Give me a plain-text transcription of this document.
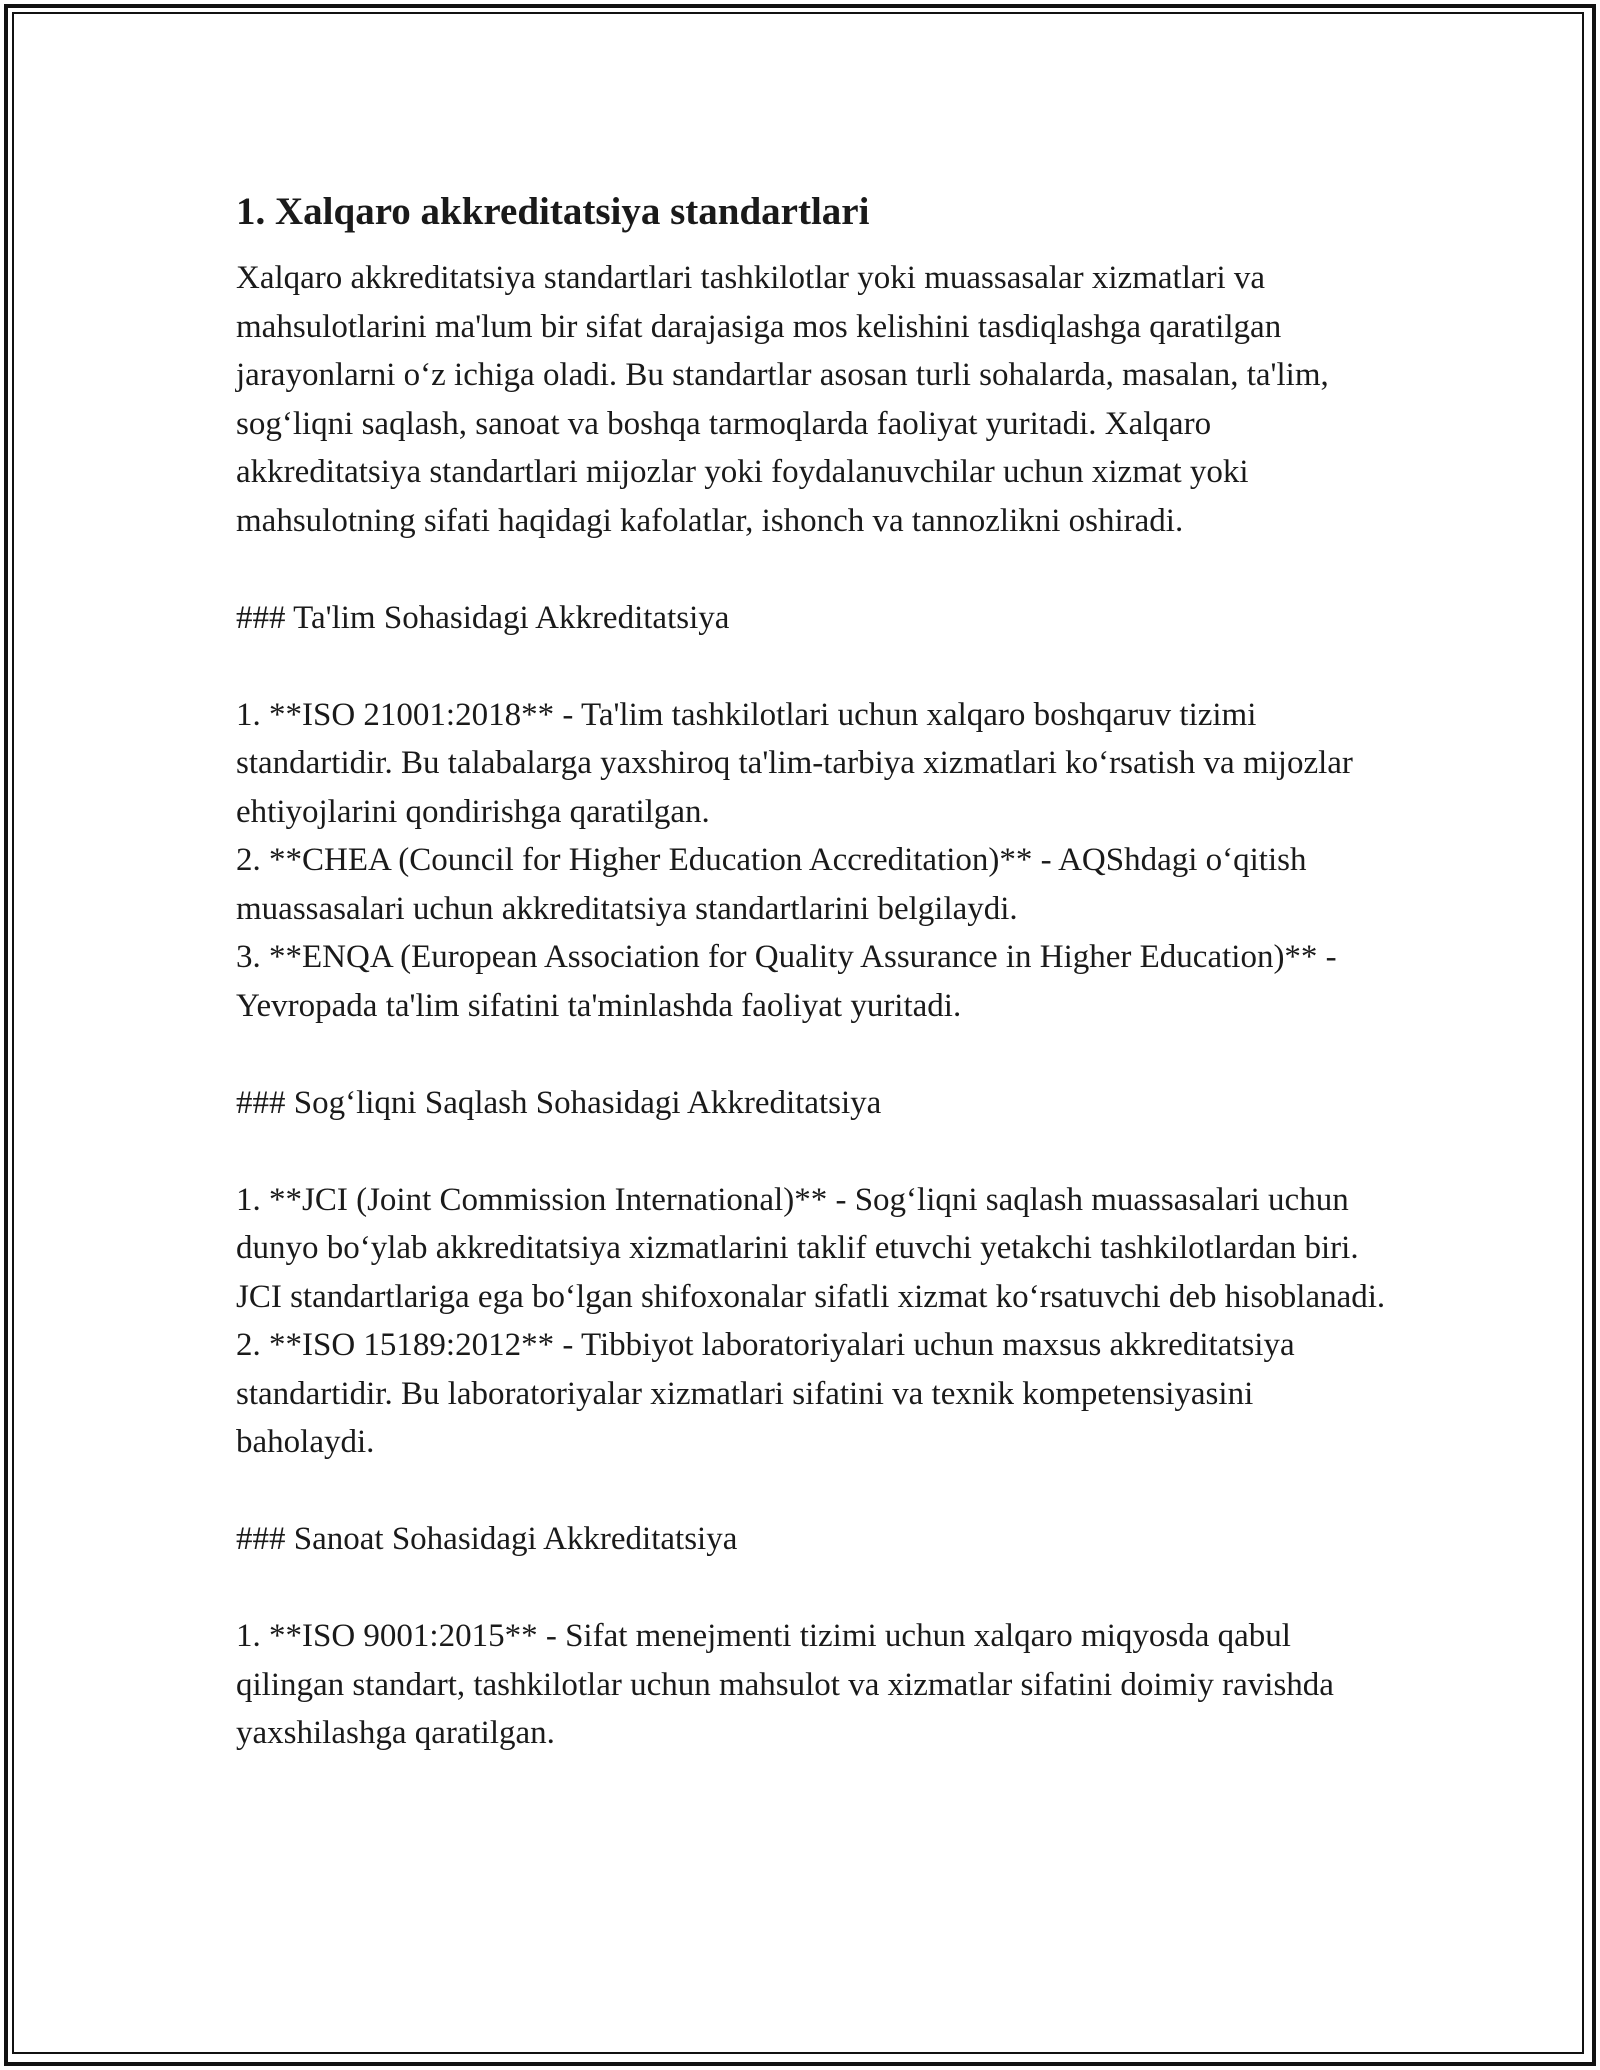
1. Xalqaro akkreditatsiya standartlari

Xalqaro akkreditatsiya standartlari tashkilotlar yoki muassasalar xizmatlari va mahsulotlarini ma'lum bir sifat darajasiga mos kelishini tasdiqlashga qaratilgan jarayonlarni o‘z ichiga oladi. Bu standartlar asosan turli sohalarda, masalan, ta'lim, sog‘liqni saqlash, sanoat va boshqa tarmoqlarda faoliyat yuritadi. Xalqaro akkreditatsiya standartlari mijozlar yoki foydalanuvchilar uchun xizmat yoki mahsulotning sifati haqidagi kafolatlar, ishonch va tannozlikni oshiradi.

### Ta'lim Sohasidagi Akkreditatsiya

1. **ISO 21001:2018** - Ta'lim tashkilotlari uchun xalqaro boshqaruv tizimi standartidir. Bu talabalarga yaxshiroq ta'lim-tarbiya xizmatlari ko‘rsatish va mijozlar ehtiyojlarini qondirishga qaratilgan.
2. **CHEA (Council for Higher Education Accreditation)** - AQShdagi o‘qitish muassasalari uchun akkreditatsiya standartlarini belgilaydi.
3. **ENQA (European Association for Quality Assurance in Higher Education)** - Yevropada ta'lim sifatini ta'minlashda faoliyat yuritadi.

### Sog‘liqni Saqlash Sohasidagi Akkreditatsiya

1. **JCI (Joint Commission International)** - Sog‘liqni saqlash muassasalari uchun dunyo bo‘ylab akkreditatsiya xizmatlarini taklif etuvchi yetakchi tashkilotlardan biri. JCI standartlariga ega bo‘lgan shifoxonalar sifatli xizmat ko‘rsatuvchi deb hisoblanadi.
2. **ISO 15189:2012** - Tibbiyot laboratoriyalari uchun maxsus akkreditatsiya standartidir. Bu laboratoriyalar xizmatlari sifatini va texnik kompetensiyasini baholaydi.

### Sanoat Sohasidagi Akkreditatsiya

1. **ISO 9001:2015** - Sifat menejmenti tizimi uchun xalqaro miqyosda qabul qilingan standart, tashkilotlar uchun mahsulot va xizmatlar sifatini doimiy ravishda yaxshilashga qaratilgan.
